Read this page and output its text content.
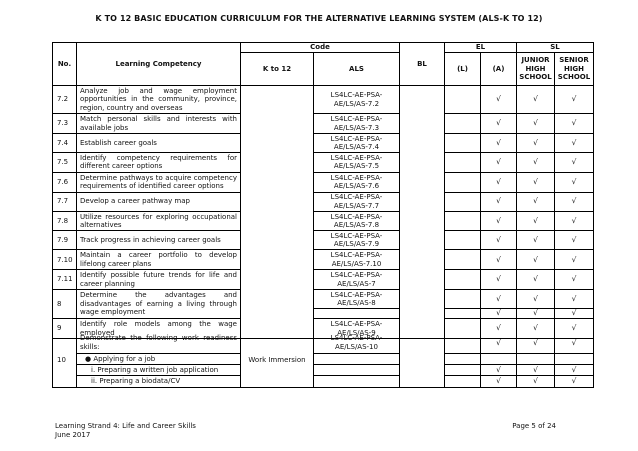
K TO 12 BASIC EDUCATION CURRICULUM FOR THE ALTERNATIVE LEARNING SYSTEM (ALS-K TO 12)
No.	Learning Competency	Code		BL	EL		SL	
		K to 12	ALS		(L)	(A)	JUNIOR HIGH SCHOOL	SENIOR HIGH SCHOOL
7.2	Analyze job and wage employment opportunities in the community, province, region, country and overseas		LS4LC-AE-PSA-AE/LS/AS-7.2			√	√	√
7.3	Match personal skills and interests with available jobs		LS4LC-AE-PSA-AE/LS/AS-7.3			√	√	√
7.4	Establish career goals		LS4LC-AE-PSA-AE/LS/AS-7.4			√	√	√
7.5	Identify competency requirements for different career options		LS4LC-AE-PSA-AE/LS/AS-7.5			√	√	√
7.6	Determine pathways to acquire competency requirements of identified career options		LS4LC-AE-PSA-AE/LS/AS-7.6			√	√	√
7.7	Develop a career pathway map		LS4LC-AE-PSA-AE/LS/AS-7.7			√	√	√
7.8	Utilize resources for exploring occupational alternatives		LS4LC-AE-PSA-AE/LS/AS-7.8			√	√	√
7.9	Track progress in achieving career goals		LS4LC-AE-PSA-AE/LS/AS-7.9			√	√	√
7.10	Maintain a career portfolio to develop lifelong career plans		LS4LC-AE-PSA-AE/LS/AS-7.10			√	√	√
7.11	Identify possible future trends for life and career planning		LS4LC-AE-PSA-AE/LS/AS-7			√	√	√
8	Determine the advantages and disadvantages of earning a living through wage employment		LS4LC-AE-PSA-AE/LS/AS-8			√	√	√
						√	√	√
9	Identify role models among the wage employed		LS4LC-AE-PSA-AE/LS/AS-9			√	√	√
10	Demonstrate the following work readiness skills:	Work Immersion	LS4LC-AE-PSA-AE/LS/AS-10			√	√	√
	● Applying for a job							
	i. Preparing a written job application					√	√	√
	ii. Preparing a biodata/CV					√	√	√
Learning Strand 4: Life and Career Skills
June 2017
Page 5 of 24
